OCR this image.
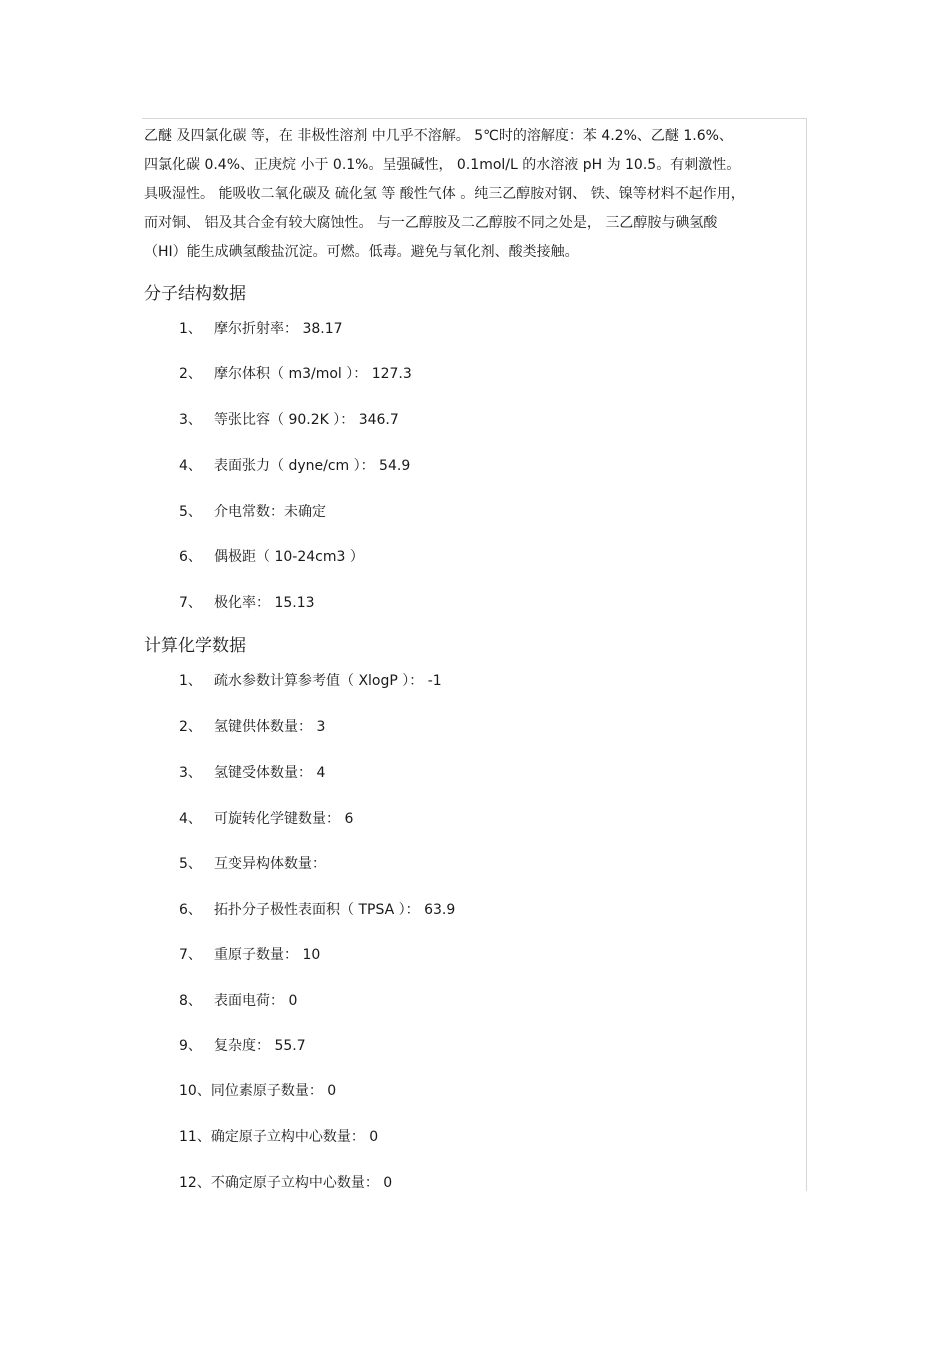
乙醚 及四氯化碳 等，在 非极性溶剂 中几乎不溶解。 5℃时的溶解度：苯 4.2%、乙醚 1.6%、
四氯化碳 0.4%、正庚烷 小于 0.1%。呈强碱性， 0.1mol/L 的水溶液 pH 为 10.5。有刺激性。
具吸湿性。 能吸收二氧化碳及 硫化氢 等 酸性气体 。纯三乙醇胺对钢、 铁、镍等材料不起作用，
而对铜、 铝及其合金有较大腐蚀性。 与一乙醇胺及二乙醇胺不同之处是， 三乙醇胺与碘氢酸
（HI）能生成碘氢酸盐沉淀。可燃。低毒。避免与氧化剂、酸类接触。
分子结构数据
1、 摩尔折射率： 38.17
2、 摩尔体积（ m3/mol ）： 127.3
3、 等张比容（ 90.2K ）： 346.7
4、 表面张力（ dyne/cm ）： 54.9
5、 介电常数：未确定
6、 偶极距（ 10-24cm3 ）
7、 极化率： 15.13
计算化学数据
1、 疏水参数计算参考值（ XlogP ）： -1
2、 氢键供体数量： 3
3、 氢键受体数量： 4
4、 可旋转化学键数量： 6
5、 互变异构体数量：
6、 拓扑分子极性表面积（ TPSA ）： 63.9
7、 重原子数量： 10
8、 表面电荷： 0
9、 复杂度： 55.7
10、同位素原子数量： 0
11、确定原子立构中心数量： 0
12、不确定原子立构中心数量： 0
